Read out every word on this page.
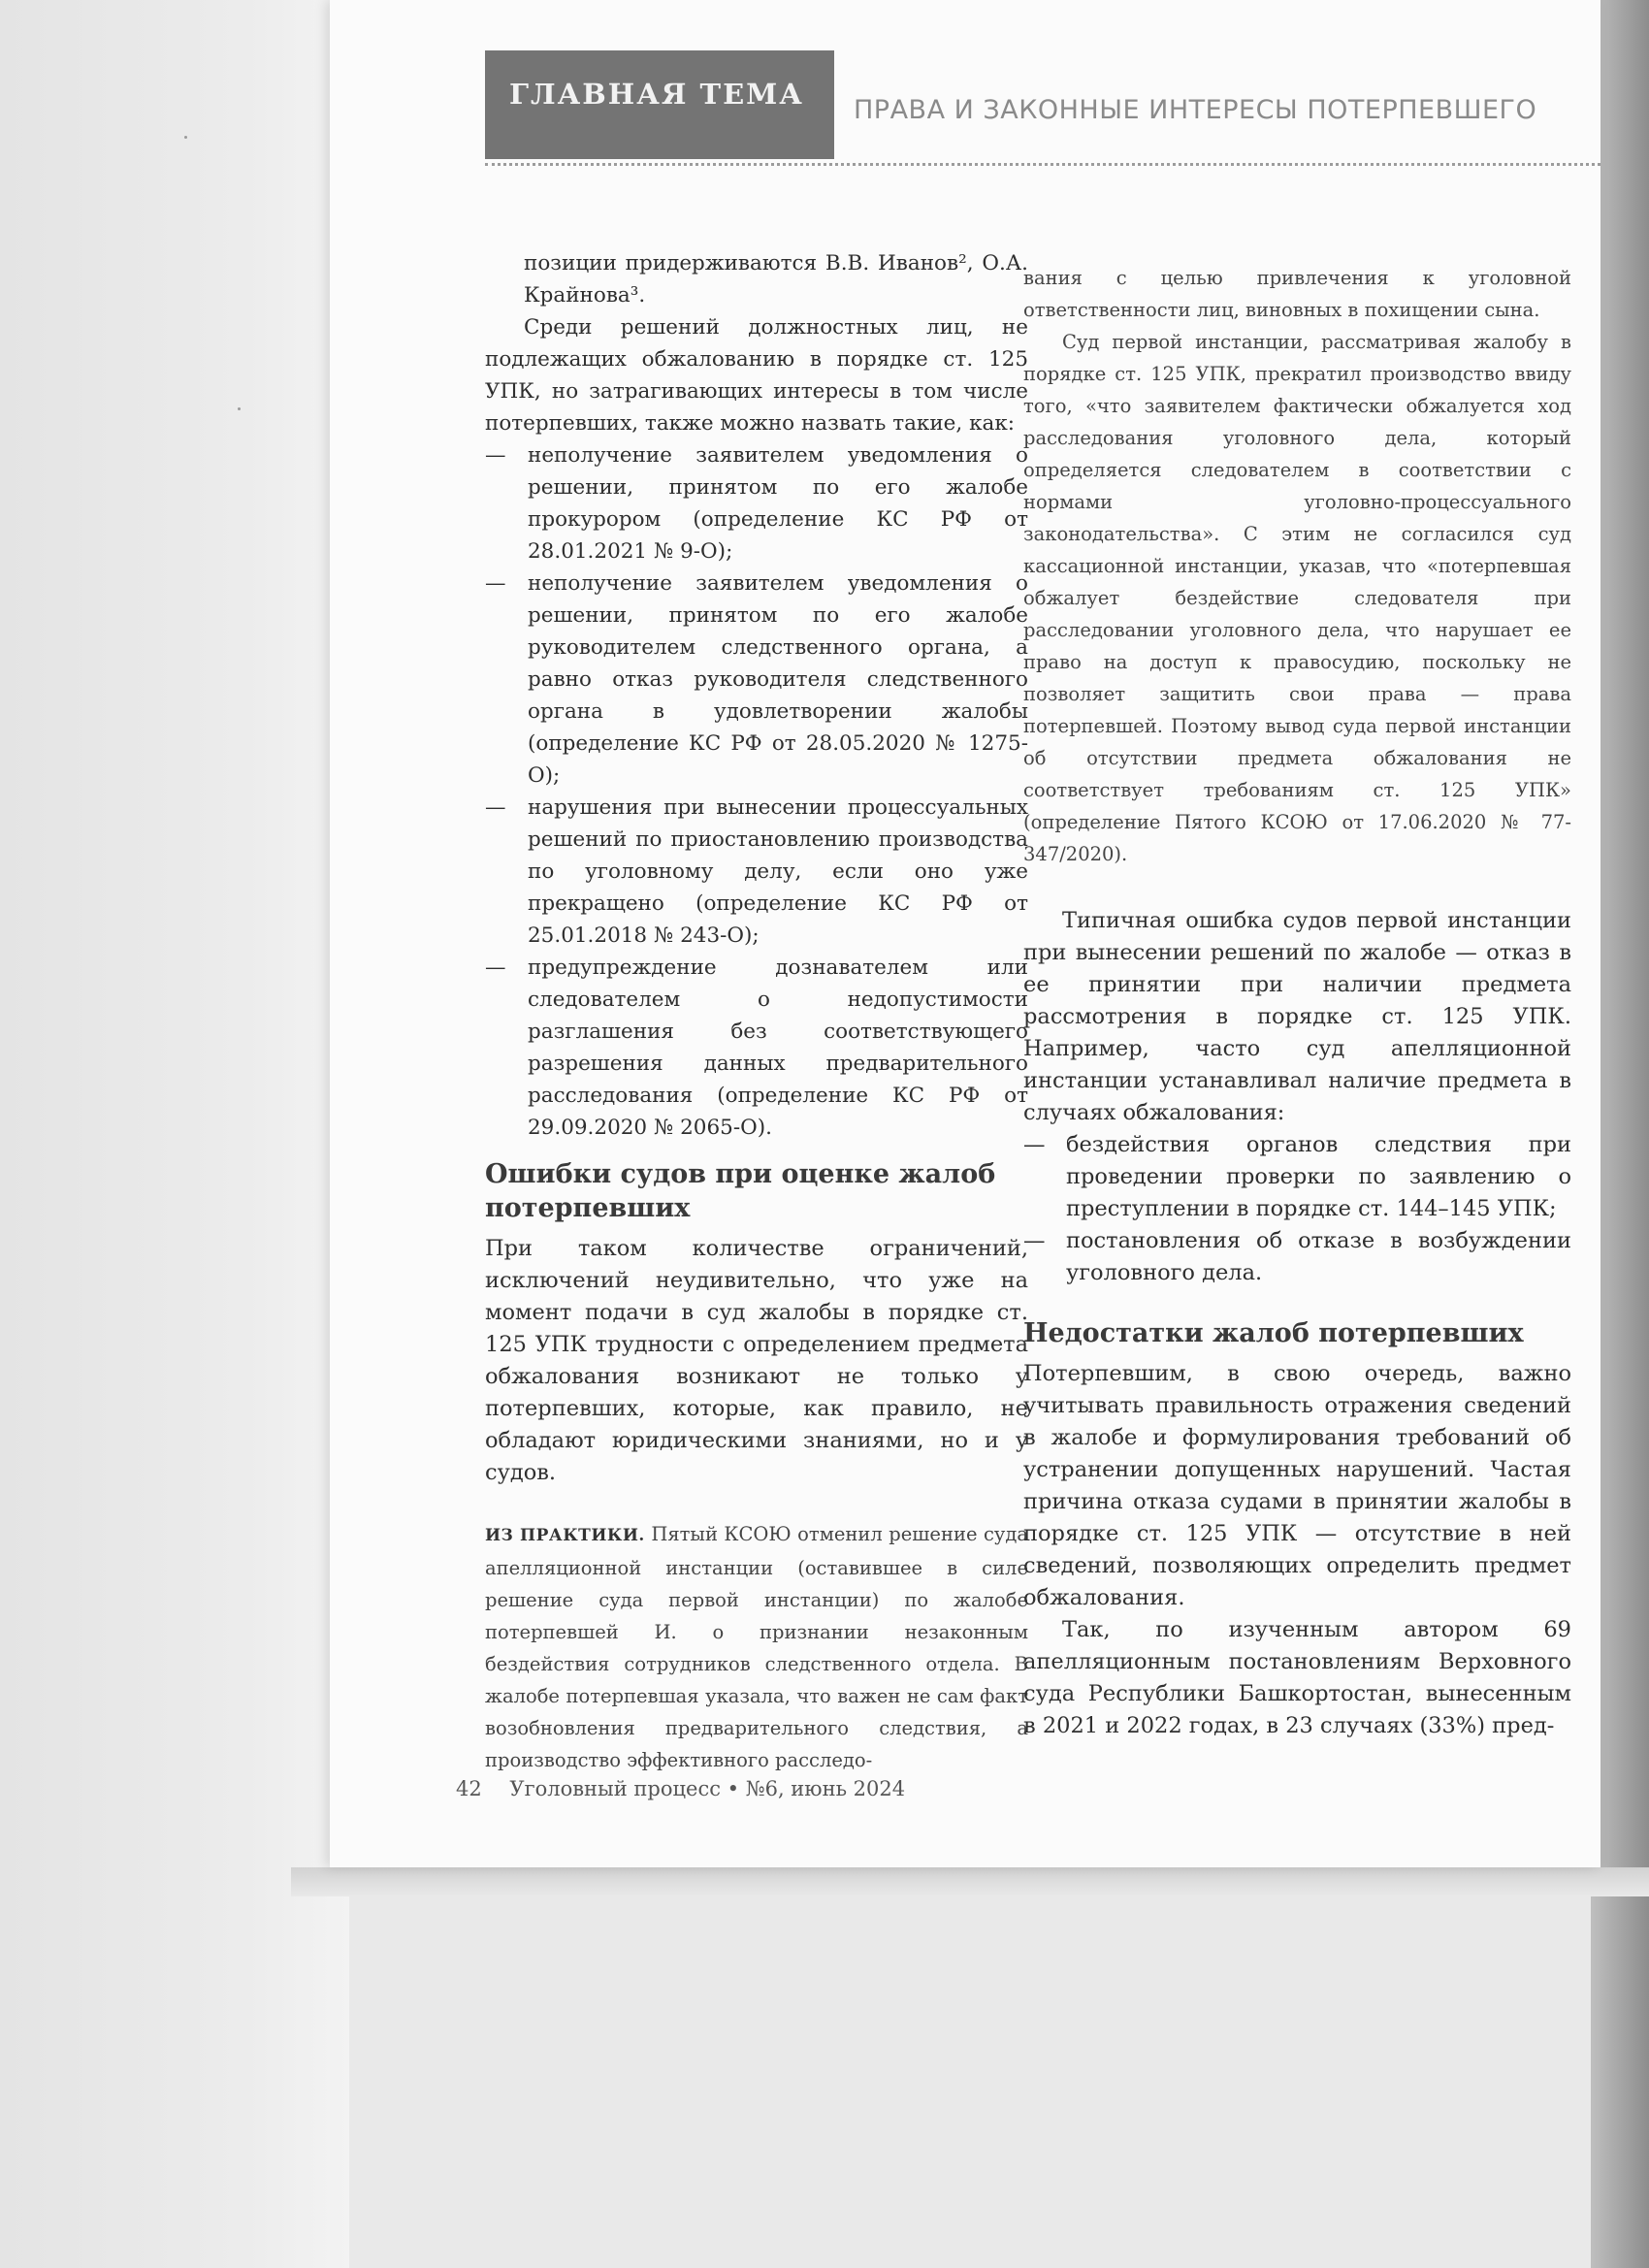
ГЛАВНАЯ ТЕМА ПРАВА И ЗАКОННЫЕ ИНТЕРЕСЫ ПОТЕРПЕВШЕГО

позиции придерживаются В.В. Иванов², О.А. Крайнова³.

Среди решений должностных лиц, не подлежащих обжалованию в порядке ст. 125 УПК, но затрагивающих интересы в том числе потерпевших, также можно назвать такие, как:

— неполучение заявителем уведомления о решении, принятом по его жалобе прокурором (определение КС РФ от 28.01.2021 № 9-О);
— неполучение заявителем уведомления о решении, принятом по его жалобе руководителем следственного органа, а равно отказ руководителя следственного органа в удовлетворении жалобы (определение КС РФ от 28.05.2020 № 1275-О);
— нарушения при вынесении процессуальных решений по приостановлению производства по уголовному делу, если оно уже прекращено (определение КС РФ от 25.01.2018 № 243-О);
— предупреждение дознавателем или следователем о недопустимости разглашения без соответствующего разрешения данных предварительного расследования (определение КС РФ от 29.09.2020 № 2065-О).
Ошибки судов при оценке жалоб потерпевших

При таком количестве ограничений, исключений неудивительно, что уже на момент подачи в суд жалобы в порядке ст. 125 УПК трудности с определением предмета обжалования возникают не только у потерпевших, которые, как правило, не обладают юридическими знаниями, но и у судов.

ИЗ ПРАКТИКИ. Пятый КСОЮ отменил решение суда апелляционной инстанции (оставившее в силе решение суда первой инстанции) по жалобе потерпевшей И. о признании незаконным бездействия сотрудников следственного отдела. В жалобе потерпевшая указала, что важен не сам факт возобновления предварительного следствия, а производство эффективного расследо-

вания с целью привлечения к уголовной ответственности лиц, виновных в похищении сына.

Суд первой инстанции, рассматривая жалобу в порядке ст. 125 УПК, прекратил производство ввиду того, «что заявителем фактически обжалуется ход расследования уголовного дела, который определяется следователем в соответствии с нормами уголовно-процессуального законодательства». С этим не согласился суд кассационной инстанции, указав, что «потерпевшая обжалует бездействие следователя при расследовании уголовного дела, что нарушает ее право на доступ к правосудию, поскольку не позволяет защитить свои права — права потерпевшей. Поэтому вывод суда первой инстанции об отсутствии предмета обжалования не соответствует требованиям ст. 125 УПК» (определение Пятого КСОЮ от 17.06.2020 № 77-347/2020).

Типичная ошибка судов первой инстанции при вынесении решений по жалобе — отказ в ее принятии при наличии предмета рассмотрения в порядке ст. 125 УПК. Например, часто суд апелляционной инстанции устанавливал наличие предмета в случаях обжалования:

— бездействия органов следствия при проведении проверки по заявлению о преступлении в порядке ст. 144–145 УПК;
— постановления об отказе в возбуждении уголовного дела.
Недостатки жалоб потерпевших

Потерпевшим, в свою очередь, важно учитывать правильность отражения сведений в жалобе и формулирования требований об устранении допущенных нарушений. Частая причина отказа судами в принятии жалобы в порядке ст. 125 УПК — отсутствие в ней сведений, позволяющих определить предмет обжалования.

Так, по изученным автором 69 апелляционным постановлениям Верховного суда Республики Башкортостан, вынесенным в 2021 и 2022 годах, в 23 случаях (33%) пред-

42 Уголовный процесс • №6, июнь 2024
